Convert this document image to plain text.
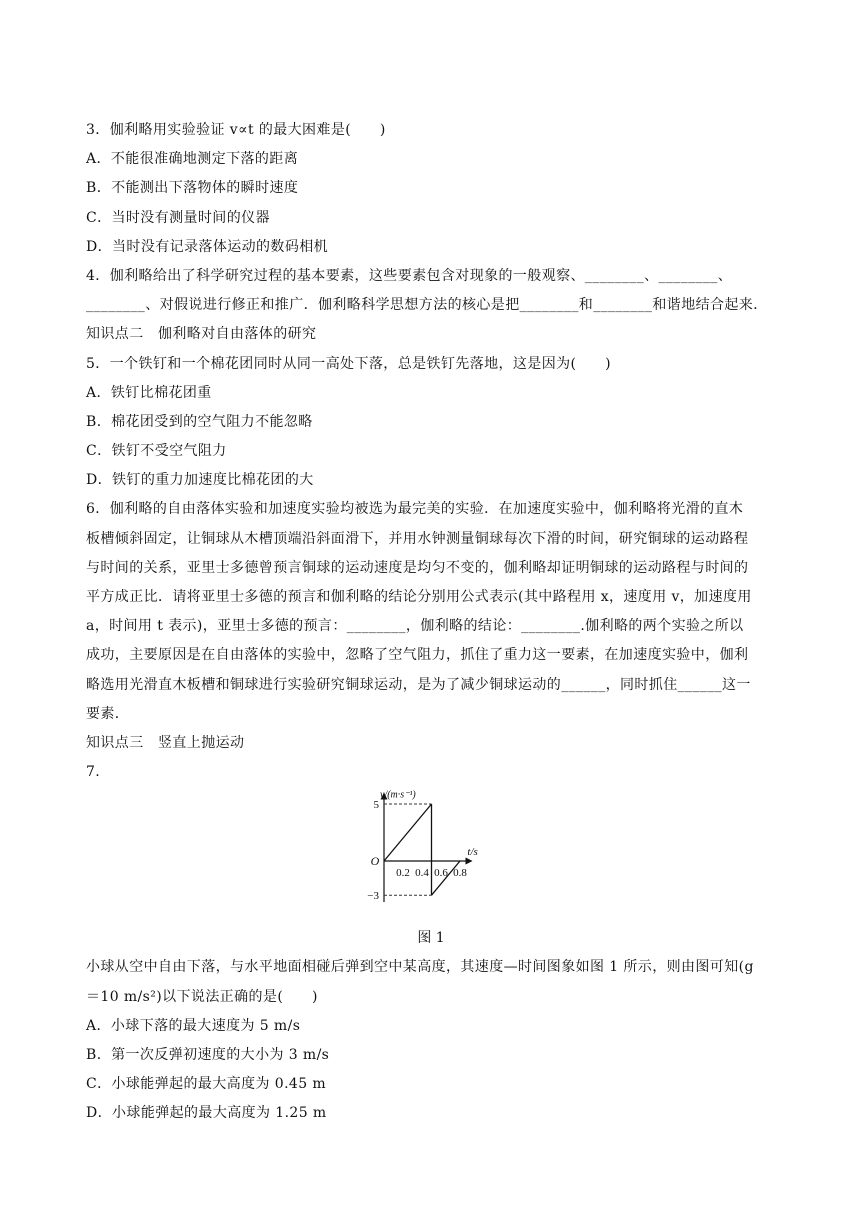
3．伽利略用实验验证 v∝t 的最大困难是(　　)
A．不能很准确地测定下落的距离
B．不能测出下落物体的瞬时速度
C．当时没有测量时间的仪器
D．当时没有记录落体运动的数码相机
4．伽利略给出了科学研究过程的基本要素，这些要素包含对现象的一般观察、________、________、
________、对假说进行修正和推广．伽利略科学思想方法的核心是把________和________和谐地结合起来．
知识点二　伽利略对自由落体的研究
5．一个铁钉和一个棉花团同时从同一高处下落，总是铁钉先落地，这是因为(　　)
A．铁钉比棉花团重
B．棉花团受到的空气阻力不能忽略
C．铁钉不受空气阻力
D．铁钉的重力加速度比棉花团的大
6．伽利略的自由落体实验和加速度实验均被选为最完美的实验．在加速度实验中，伽利略将光滑的直木
板槽倾斜固定，让铜球从木槽顶端沿斜面滑下，并用水钟测量铜球每次下滑的时间，研究铜球的运动路程
与时间的关系，亚里士多德曾预言铜球的运动速度是均匀不变的，伽利略却证明铜球的运动路程与时间的
平方成正比．请将亚里士多德的预言和伽利略的结论分别用公式表示(其中路程用 x，速度用 v，加速度用
a，时间用 t 表示)，亚里士多德的预言：________，伽利略的结论：________.伽利略的两个实验之所以
成功，主要原因是在自由落体的实验中，忽略了空气阻力，抓住了重力这一要素，在加速度实验中，伽利
略选用光滑直木板槽和铜球进行实验研究铜球运动，是为了减少铜球运动的______，同时抓住______这一
要素．
知识点三　竖直上抛运动
7.
0.2 0.4 0.6 0.8
5
−3
O
t/s
v/(m·s⁻¹)
图 1
小球从空中自由下落，与水平地面相碰后弹到空中某高度，其速度—时间图象如图 1 所示，则由图可知(g
＝10 m/s²)以下说法正确的是(　　)
A．小球下落的最大速度为 5 m/s
B．第一次反弹初速度的大小为 3 m/s
C．小球能弹起的最大高度为 0.45 m
D．小球能弹起的最大高度为 1.25 m
